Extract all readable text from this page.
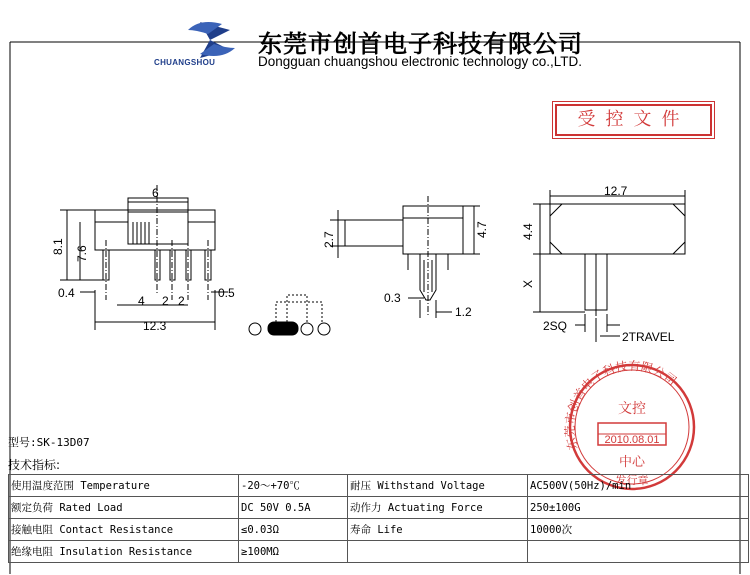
东莞市创首电子科技有限公司
6
8.1 7.6
0.4
4 2 2
0.5
12.3
2.7
4.7
0.3
1.2
12.7
4.4
X
2SQ
2TRAVEL
文控
2010.08.01
中心
发行章
东莞市创首电子科技有限公司
Dongguan chuangshou electronic technology co.,LTD.
CHUANGSHOU
受控文件
型号:SK-13D07
技术指标:
使用温度范围 Temperature	-20～+70℃	耐压 Withstand Voltage	AC500V(50Hz)/min
额定负荷 Rated Load	DC 50V 0.5A	动作力 Actuating Force	250±100G
接触电阻 Contact Resistance	≤0.03Ω	寿命 Life	10000次
绝缘电阻 Insulation Resistance	≥100MΩ		
